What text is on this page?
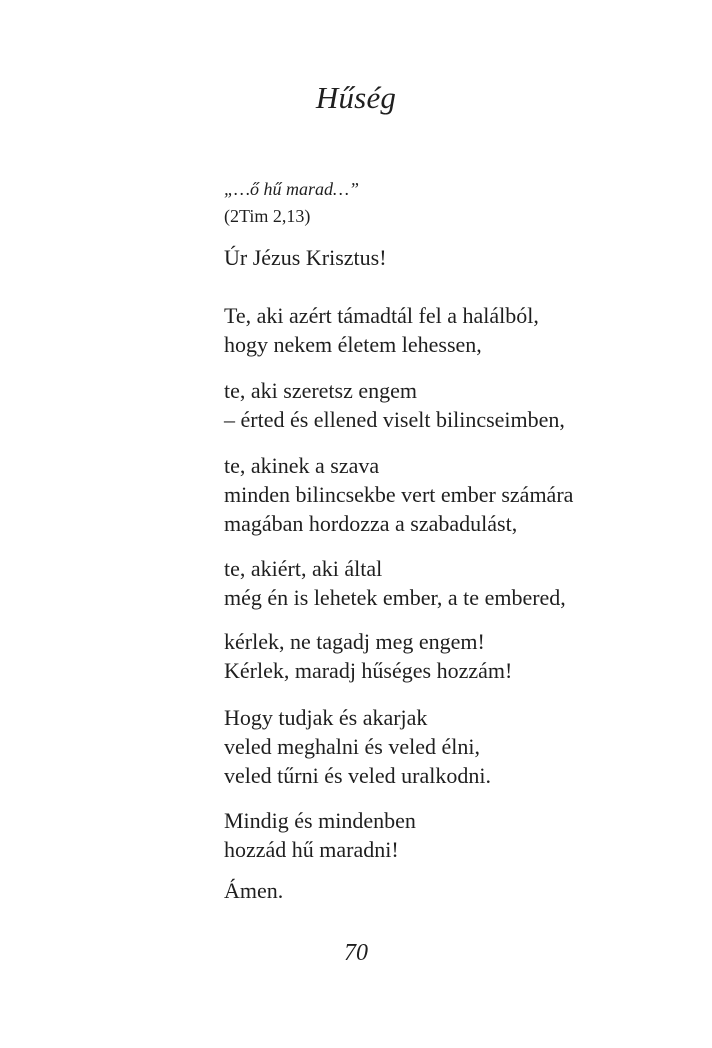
Hűség
„…ő hű marad…”
(2Tim 2,13)
Úr Jézus Krisztus!
Te, aki azért támadtál fel a halálból,
hogy nekem életem lehessen,
te, aki szeretsz engem
– érted és ellened viselt bilincseimben,
te, akinek a szava
minden bilincsekbe vert ember számára
magában hordozza a szabadulást,
te, akiért, aki által
még én is lehetek ember, a te embered,
kérlek, ne tagadj meg engem!
Kérlek, maradj hűséges hozzám!
Hogy tudjak és akarjak
veled meghalni és veled élni,
veled tűrni és veled uralkodni.
Mindig és mindenben
hozzád hű maradni!
Ámen.
70
